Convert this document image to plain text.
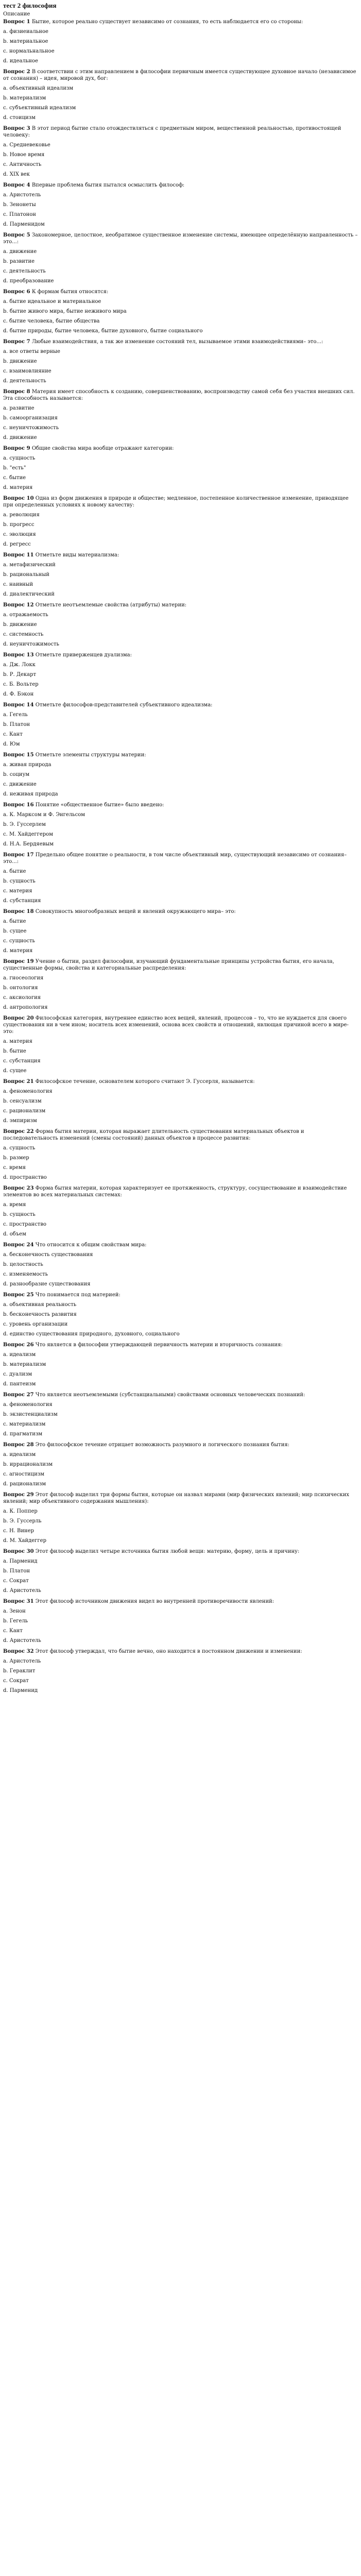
тест 2 философия
Описание
Вопрос 1 Бытие, которое реально существует независимо от сознания, то есть наблюдается его со стороны:
a. физиеиальное
b. материальное
c. нормальнальное
d. идеальное
Вопрос 2 В соответствии с этим направлением в философии первичным имеется существующее духовное начало (независимое от сознания) – идея, мировой дух, бог:
a. объективный идеализм
b. материализм
c. субъективный идеализм
d. стоицизм
Вопрос 3 В этот период бытие стало отождествляться с предметным миром, вещественной реальностью, противостоящей человеку:
a. Средневековье
b. Новое время
c. Античность
d. XIX век
Вопрос 4 Впервые проблема бытия пытался осмыслить философ:
a. Аристотель
b. Зенонеты
c. Платонон
d. Парменидом
Вопрос 5 Закономерное, целостное, необратимое существенное изменение системы, имеющее определённую направленность – это...:
a. движение
b. развитие
c. деятельность
d. преобразование
Вопрос 6 К формам бытия относятся:
a. бытие идеальное и материальное
b. бытие живого мира, бытие неживого мира
c. бытие человека, бытие общества
d. бытие природы, бытие человека, бытие духовного, бытие социального
Вопрос 7 Любые взаимодействия, а так же изменение состояний тел, вызываемое этими взаимодействиями– это...:
a. все ответы верные
b. движение
c. взаимовлияние
d. деятельность
Вопрос 8 Материя имеет способность к созданию, совершенствованию, воспроизводству самой себя без участия внешних сил. Эта способность называется:
a. развитие
b. самоорганизация
c. неуничтожимость
d. движение
Вопрос 9 Общие свойства мира вообще отражают категории:
a. сущность
b. "есть"
c. бытие
d. материя
Вопрос 10 Одна из форм движения в природе и обществе; медленное, постепенное количественное изменение, приводящее при определенных условиях к новому качеству:
a. революция
b. прогресс
c. эволюция
d. регресс
Вопрос 11 Отметьте виды материализма:
a. метафизический
b. рациональный
c. наивный
d. диалектический
Вопрос 12 Отметьте неотъемлемые свойства (атрибуты) материи:
a. отражаемость
b. движение
c. системность
d. неуничтожимость
Вопрос 13 Отметьте приверженцев дуализма:
a. Дж. Локк
b. Р. Декарт
c. Б. Вольтер
d. Ф. Бэкон
Вопрос 14 Отметьте философов-представителей субъективного идеализма:
a. Гегель
b. Платон
c. Кант
d. Юм
Вопрос 15 Отметьте элементы структуры материи:
a. живая природа
b. социум
c. движение
d. неживая природа
Вопрос 16 Понятие «общественное бытие» было введено:
a. К. Марксом и Ф. Энгельсом
b. Э. Гуссерлем
c. М. Хайдеггером
d. Н.А. Бердяевым
Вопрос 17 Предельно общее понятие о реальности, в том числе объективный мир, существующий независимо от сознания– это...:
a. бытие
b. сущность
c. материя
d. субстанция
Вопрос 18 Совокупность многообразных вещей и явлений окружающего мира– это:
a. бытие
b. сущее
c. сущность
d. материя
Вопрос 19 Учение о бытии, раздел философии, изучающий фундаментальные принципы устройства бытия, его начала, существенные формы, свойства и категориальные распределения:
a. гносеология
b. онтология
c. аксиология
d. антропология
Вопрос 20 Философская категория, внутреннее единство всех вещей, явлений, процессов – то, что не нуждается для своего существования ни в чем ином; носитель всех изменений, основа всех свойств и отношений, явлющая причиной всего в мире- это:
a. материя
b. бытие
c. субстанция
d. сущее
Вопрос 21 Философское течение, основателем которого считают Э. Гуссерля, называется:
a. феноменология
b. сенсуализм
c. рационализм
d. эмпиризм
Вопрос 22 Форма бытия материи, которая выражает длительность существования материальных объектов и последовательность изменений (смены состояний) данных объектов в процессе развития:
a. сущность
b. размер
c. время
d. пространство
Вопрос 23 Форма бытия материи, которая характеризует ее протяженность, структуру, сосуществование и взаимодействие элементов во всех материальных системах:
a. время
b. сущность
c. пространство
d. объем
Вопрос 24 Что относится к общим свойствам мира:
a. бесконечность существования
b. целостность
c. изменяемость
d. разнообразие существования
Вопрос 25 Что понимается под материей:
a. объективная реальность
b. бесконечность развития
c. уровень организации
d. единство существования природного, духовного, социального
Вопрос 26 Что является в философии утверждающей первичность материи и вторичность сознания:
a. идеализм
b. материализм
c. дуализм
d. пантеизм
Вопрос 27 Что является неотъемлемыми (субстанциальными) свойствами основных человеческих познаний:
a. феноменология
b. экзистенциализм
c. материализм
d. прагматизм
Вопрос 28 Это философское течение отрицает возможность разумного и логического познания бытия:
a. идеализм
b. иррационализм
c. агностицизм
d. рационализм
Вопрос 29 Этот философ выделил три формы бытия, которые он назвал мирами (мир физических явлений; мир психических явлений; мир объективного содержания мышления):
a. К. Поппер
b. Э. Гуссерль
c. Н. Винер
d. М. Хайдеггер
Вопрос 30 Этот философ выделил четыре источника бытия любой вещи: материю, форму, цель и причину:
a. Парменид
b. Платон
c. Сократ
d. Аристотель
Вопрос 31 Этот философ источником движения видел во внутренней противоречивости явлений:
a. Зенон
b. Гегель
c. Кант
d. Аристотель
Вопрос 32 Этот философ утверждал, что бытие вечно, оно находится в постоянном движении и изменении:
a. Аристотель
b. Гераклит
c. Сократ
d. Парменид
